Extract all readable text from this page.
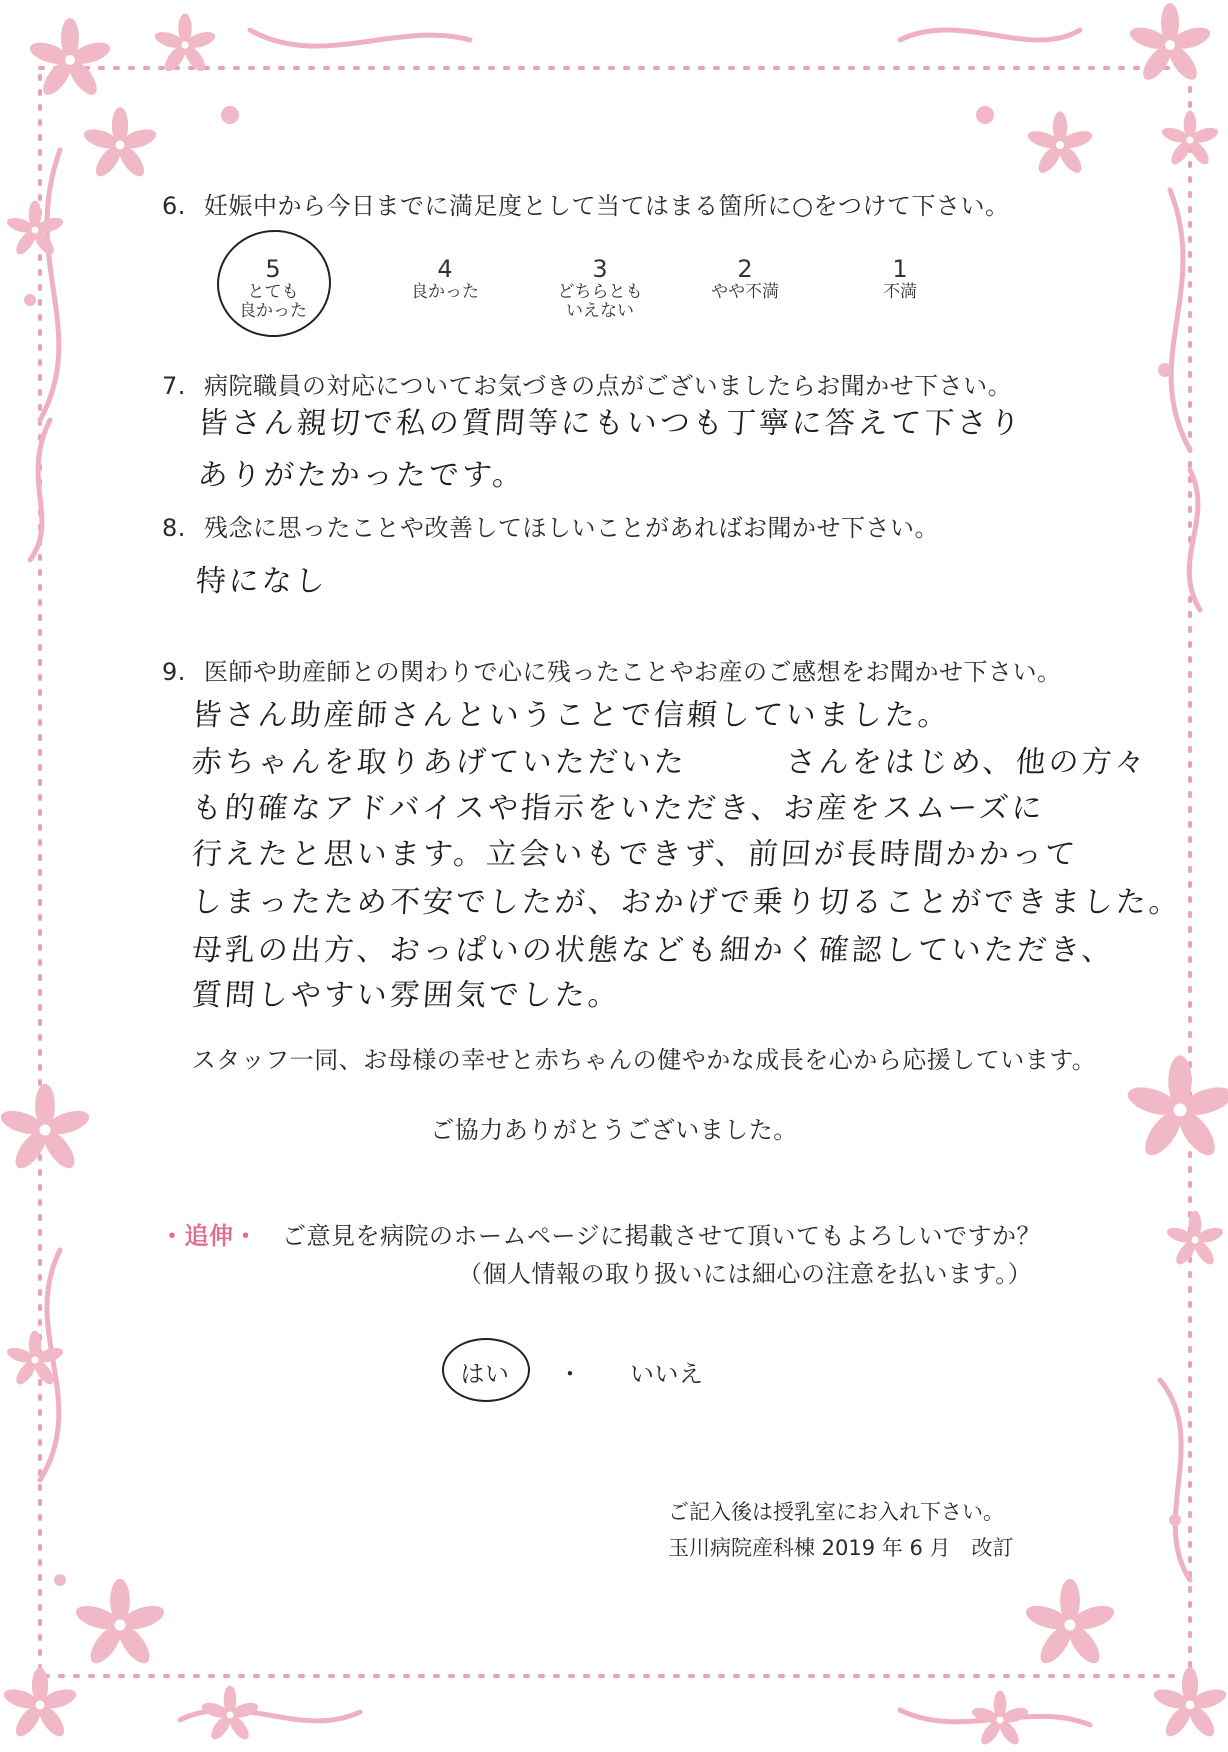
6. 妊娠中から今日までに満足度として当てはまる箇所に○をつけて下さい。
5
とても
良かった
4
良かった
3
どちらとも
いえない
2
やや不満
1
不満
7. 病院職員の対応についてお気づきの点がございましたらお聞かせ下さい。
皆さん親切で私の質問等にもいつも丁寧に答えて下さり
ありがたかったです。
8. 残念に思ったことや改善してほしいことがあればお聞かせ下さい。
特になし
9. 医師や助産師との関わりで心に残ったことやお産のご感想をお聞かせ下さい。
皆さん助産師さんということで信頼していました。
赤ちゃんを取りあげていただいた　　　さんをはじめ、他の方々
も的確なアドバイスや指示をいただき、お産をスムーズに
行えたと思います。立会いもできず、前回が長時間かかって
しまったため不安でしたが、おかげで乗り切ることができました。
母乳の出方、おっぱいの状態なども細かく確認していただき、
質問しやすい雰囲気でした。
スタッフ一同、お母様の幸せと赤ちゃんの健やかな成長を心から応援しています。
ご協力ありがとうございました。
・追伸・ ご意見を病院のホームページに掲載させて頂いてもよろしいですか？
（個人情報の取り扱いには細心の注意を払います。）
はい	・ いいえ
ご記入後は授乳室にお入れ下さい。
玉川病院産科棟 2019 年 6 月　改訂
